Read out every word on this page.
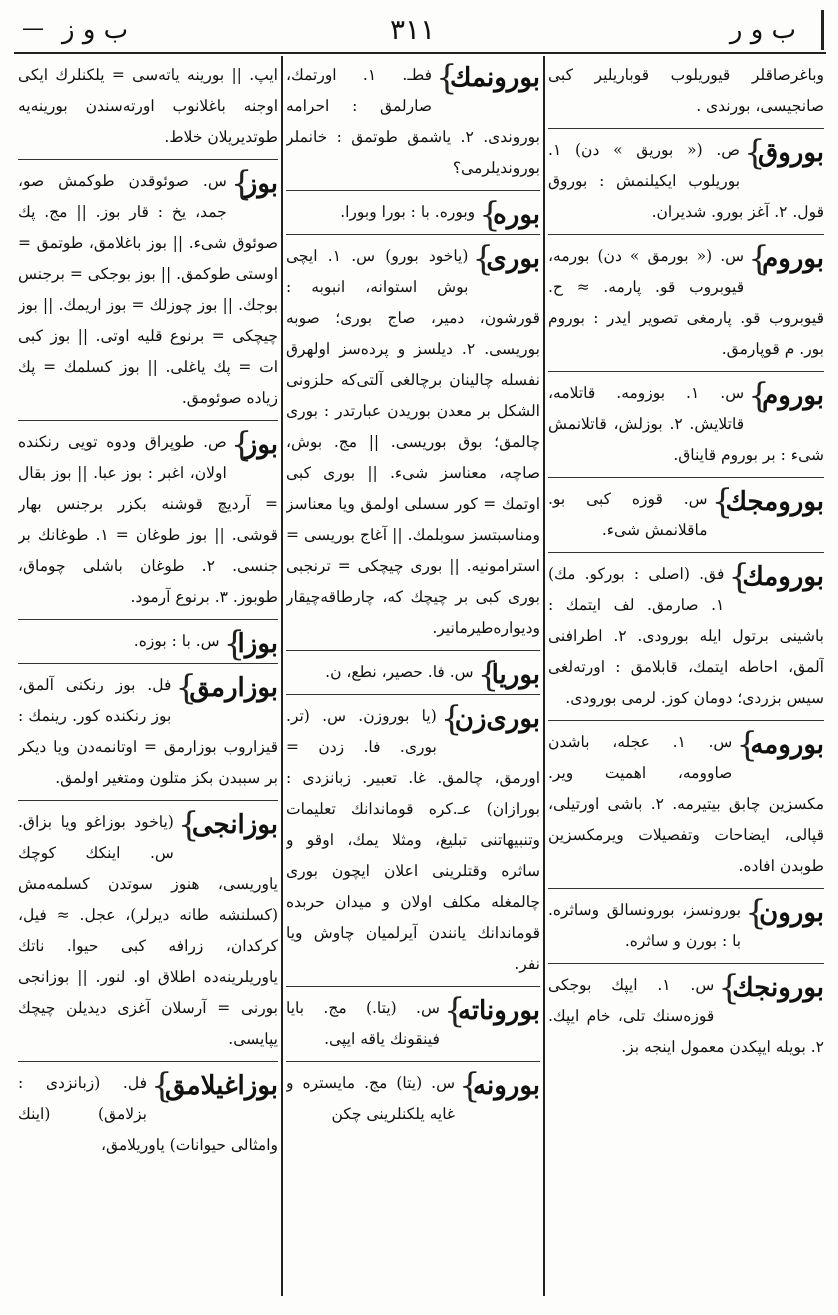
— ب و ز	۳۱۱	ب و ر
وباغرصاقلر قیوریلوب قوباریلیر کبی صانجیسی، بورندی .
بوروق }
ص. (« بوریق » دن) ۱. بوریلوب ایکیلنمش : بوروق قول. ۲. آغز بورو. شدیران.
بوروم }
س. (« بورمق » دن) بورمه، قیوبروب قو. پارمه. ≈ ح. قیوبروب قو. پارمغی تصویر ایدر : بوروم بور. م قوپارمق.
بوروم }
س. ۱. بوزومه. قاتلامه، قاتلایش. ۲. بوزلش، قاتلانمش شی‌ء : بر بوروم قایناق.
بورومجك }
س. قوزه کبی بو. ماقلانمش شی‌ء.
بورومك }
فق. (اصلی : بورکو. مك) ۱. صارمق. لف ایتمك : باشینی برتول ایله بورودی. ۲. اطرافنی آلمق، احاطه ایتمك، قابلامق : اورته‌لغی سیس ‌بزردی؛ دومان کوز. لرمی بورودی.
بورومه }
س. ۱. عجله، باشدن صاوومه، اهمیت ویر. مکسزین چابق بیتیرمه. ۲. باشی اورتیلی، قپالی، ایضاحات وتفصیلات ویرمکسزین طوبدن افاده.
بورون }
بورونسز، بورونسالق وساثره. با : بورن و ساثره.
بورونجك }
س. ۱. ایپك بوجکی قوزه‌سنك تلی، خام ایپك. ۲. بویله ایپکدن معمول اینجه بز.
بورونمك }
فطـ. ۱. اورتمك، صارلمق : احرامه بوروندی. ۲. یاشمق طوتمق : خانملر بوروندیلرمی؟
بوره }
وبوره. با : بورا وبورا.
بوری }
(یاخود بورو) س. ۱. ایچی بوش استوانه، انبوبه : قورشون، دمیر، صاج بوری؛ صوبه بوریسی. ۲. دیلسز و پرده‌سز اولهرق نفسله چالینان برچالغی آلتی‌که حلزونی الشکل بر معدن بوریدن عبارتدر : بوری چالمق؛ بوق بوریسی. || مج. بوش، صاچه، معناسز شی‌ء. || بوری کبی اوتمك = کور سسلی اولمق ویا معناسز ومناسبتسز سوبلمك. || آغاج بوریسی = استرامونیه. || بوری چیچکی = ترنجبی بوری کبی بر چیچك که، چارطاقه‌چیقار ودیواره‌طیرمانیر.
بوریا }
س. فا. حصیر، نطع، ن.
بوری‌زن }
(یا بوروزن. س. (تر. بوری. فا. زدن = اورمق، چالمق. غا. تعبیر. زبانزدی : بورازان) عـ.کره قوماندانك تعلیمات وتنبیهاتنی تبلیغ، ومثلا یمك، اوقو و ساثره وقتلرینی اعلان ایچون بوری چالمغله مکلف اولان و میدان حربده قوماندانك یانندن آیرلمیان چاوش ویا نفر.
بوروناته }
س. (یتا.) مج. بایا فینقونك یاقه ایپی.
بورونه }
س. (یتا) مج. مایستره و غایه یلکنلرینی چکن
ایپ. || بورینه یاته‌سی = یلکنلرك ایکی اوجنه باغلانوب اورته‌سندن بورینه‌یه طوتدیریلان خلاط.
بوز }
س. صوئوقدن طوکمش صو، جمد، یخ : قار بوز. || مج. پك صوئوق شی‌ء. || بوز باغلامق، طوتمق = اوستی طوکمق. || بوز بوجکی = برجنس بوجك. || بوز چوزلك = بوز اریمك. || بوز چیچکی = برنوع قلیه اوتی. || بوز کبی ات = پك یاغلی. || بوز کسلمك = پك زیاده صوئومق.
بوز }
ص. طوپراق ودوه تویی رنکنده اولان، اغبر : بوز عبا. || بوز بقال = آردیچ قوشنه بکزر برجنس بهار قوشی. || بوز طوغان = ۱. طوغانك بر جنسی. ۲. طوغان باشلی چوماق، طوبوز. ۳. برنوع آرمود.
بوزا }
س. با : بوزه.
بوزارمق }
فل. بوز رنکنی آلمق، بوز رنکنده کور. رینمك : قیزاروب بوزارمق = اوتانمه‌دن ویا دیکر بر سببدن بکز متلون ومتغیر اولمق.
بوزانجی }
(یاخود بوزاغو ویا بزاق. س. اینکك کوچك یاوریسی، هنوز سوتدن کسلمه‌مش (کسلنشه طانه دیرلر)، عجل. ≈ فیل، کرکدان، زرافه کبی حیوا. ناتك یاوریلرینه‌ده اطلاق او. لنور. || بوزانجی بورنی = آرسلان آغزی دیدیلن چیچك یپایسی.
بوزاغیلامق }
فل. (زبانزدی : بزلامق) (اینك وامثالی حیوانات) یاوریلامق،
